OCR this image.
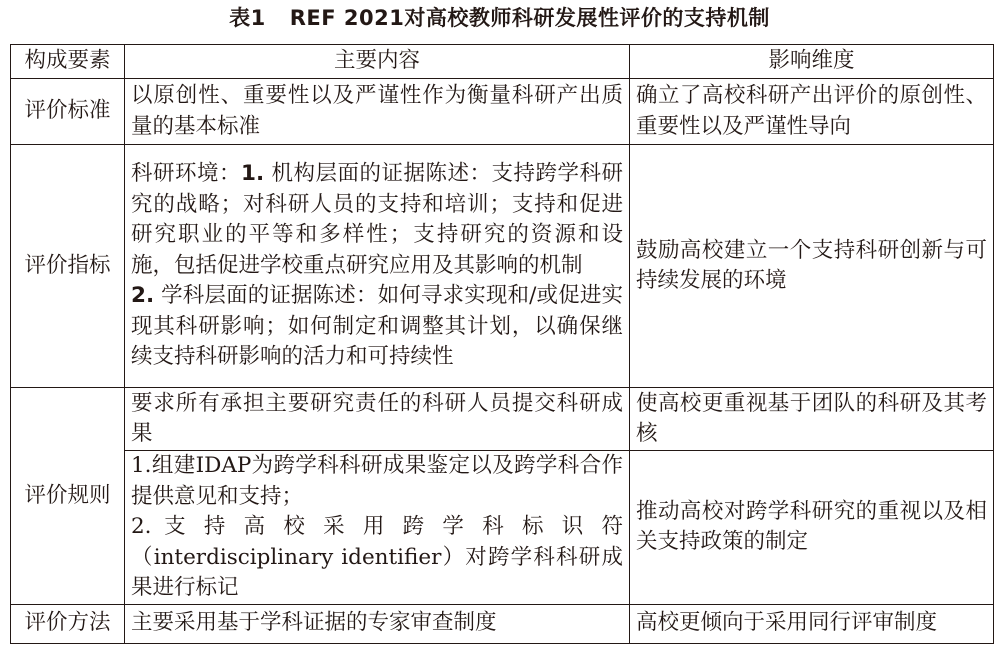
表1 REF 2021对高校教师科研发展性评价的支持机制
构成要素	主要内容	影响维度
评价标准	以原创性、重要性以及严谨性作为衡量科研产出质量的基本标准	确立了高校科研产出评价的原创性、重要性以及严谨性导向
评价指标	科研环境：1. 机构层面的证据陈述：支持跨学科研究的战略；对科研人员的支持和培训；支持和促进研究职业的平等和多样性；支持研究的资源和设施，包括促进学校重点研究应用及其影响的机制
2. 学科层面的证据陈述：如何寻求实现和/或促进实现其科研影响；如何制定和调整其计划，以确保继续支持科研影响的活力和可持续性	鼓励高校建立一个支持科研创新与可持续发展的环境
评价规则	要求所有承担主要研究责任的科研人员提交科研成果	使高校更重视基于团队的科研及其考核

	1.组建IDAP为跨学科科研成果鉴定以及跨学科合作提供意见和支持；
2. 支 持 高 校 采 用 跨 学 科 标 识 符
（interdisciplinary identifier）对跨学科科研成果进行标记	推动高校对跨学科研究的重视以及相关支持政策的制定
评价方法	主要采用基于学科证据的专家审查制度	高校更倾向于采用同行评审制度
